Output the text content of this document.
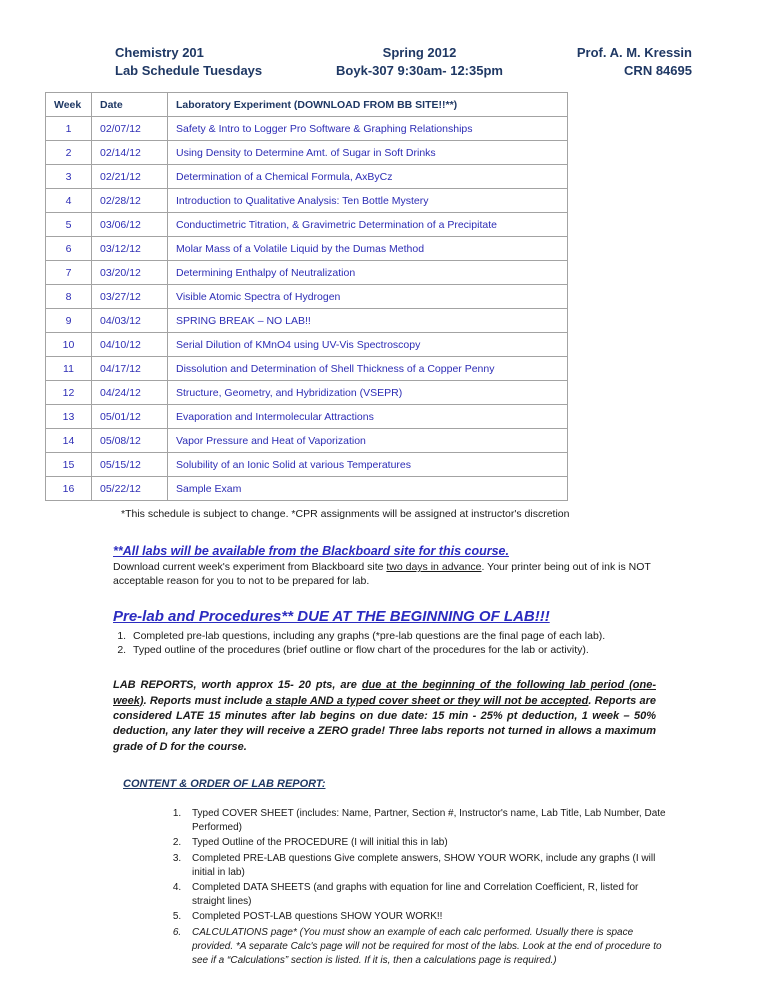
Chemistry 201
Lab Schedule Tuesdays
Spring 2012
Boyk-307 9:30am- 12:35pm
Prof. A. M. Kressin
CRN 84695
Week	Date	Laboratory Experiment (DOWNLOAD FROM BB SITE!!**)
1	02/07/12	Safety & Intro to Logger Pro Software & Graphing Relationships
2	02/14/12	Using Density to Determine Amt. of Sugar in Soft Drinks
3	02/21/12	Determination of a Chemical Formula, AxByCz
4	02/28/12	Introduction to Qualitative Analysis: Ten Bottle Mystery
5	03/06/12	Conductimetric Titration, & Gravimetric Determination of a Precipitate
6	03/12/12	Molar Mass of a Volatile Liquid by the Dumas Method
7	03/20/12	Determining Enthalpy of Neutralization
8	03/27/12	Visible Atomic Spectra of Hydrogen
9	04/03/12	SPRING BREAK – NO LAB!!
10	04/10/12	Serial Dilution of KMnO4 using UV-Vis Spectroscopy
11	04/17/12	Dissolution and Determination of Shell Thickness of a Copper Penny
12	04/24/12	Structure, Geometry, and Hybridization (VSEPR)
13	05/01/12	Evaporation and Intermolecular Attractions
14	05/08/12	Vapor Pressure and Heat of Vaporization
15	05/15/12	Solubility of an Ionic Solid at various Temperatures
16	05/22/12	Sample Exam

*This schedule is subject to change. *CPR assignments will be assigned at instructor's discretion

**All labs will be available from the Blackboard site for this course.

Download current week's experiment from Blackboard site two days in advance. Your printer being out of ink is NOT acceptable reason for you to not to be prepared for lab.

Pre-lab and Procedures** DUE AT THE BEGINNING OF LAB!!!
1. Completed pre-lab questions, including any graphs (*pre-lab questions are the final page of each lab).
2. Typed outline of the procedures (brief outline or flow chart of the procedures for the lab or activity).

LAB REPORTS, worth approx 15- 20 pts, are due at the beginning of the following lab period (one-week). Reports must include a staple AND a typed cover sheet or they will not be accepted. Reports are considered LATE 15 minutes after lab begins on due date: 15 min - 25% pt deduction, 1 week – 50% deduction, any later they will receive a ZERO grade! Three labs reports not turned in allows a maximum grade of D for the course.

CONTENT & ORDER OF LAB REPORT:
1. Typed COVER SHEET (includes: Name, Partner, Section #, Instructor's name, Lab Title, Lab Number, Date Performed)
2. Typed Outline of the PROCEDURE (I will initial this in lab)
3. Completed PRE-LAB questions Give complete answers, SHOW YOUR WORK, include any graphs (I will initial in lab)
4. Completed DATA SHEETS (and graphs with equation for line and Correlation Coefficient, R, listed for straight lines)
5. Completed POST-LAB questions SHOW YOUR WORK!!
6. CALCULATIONS page* (You must show an example of each calc performed. Usually there is space provided. *A separate Calc's page will not be required for most of the labs. Look at the end of procedure to see if a “Calculations” section is listed. If it is, then a calculations page is required.)
